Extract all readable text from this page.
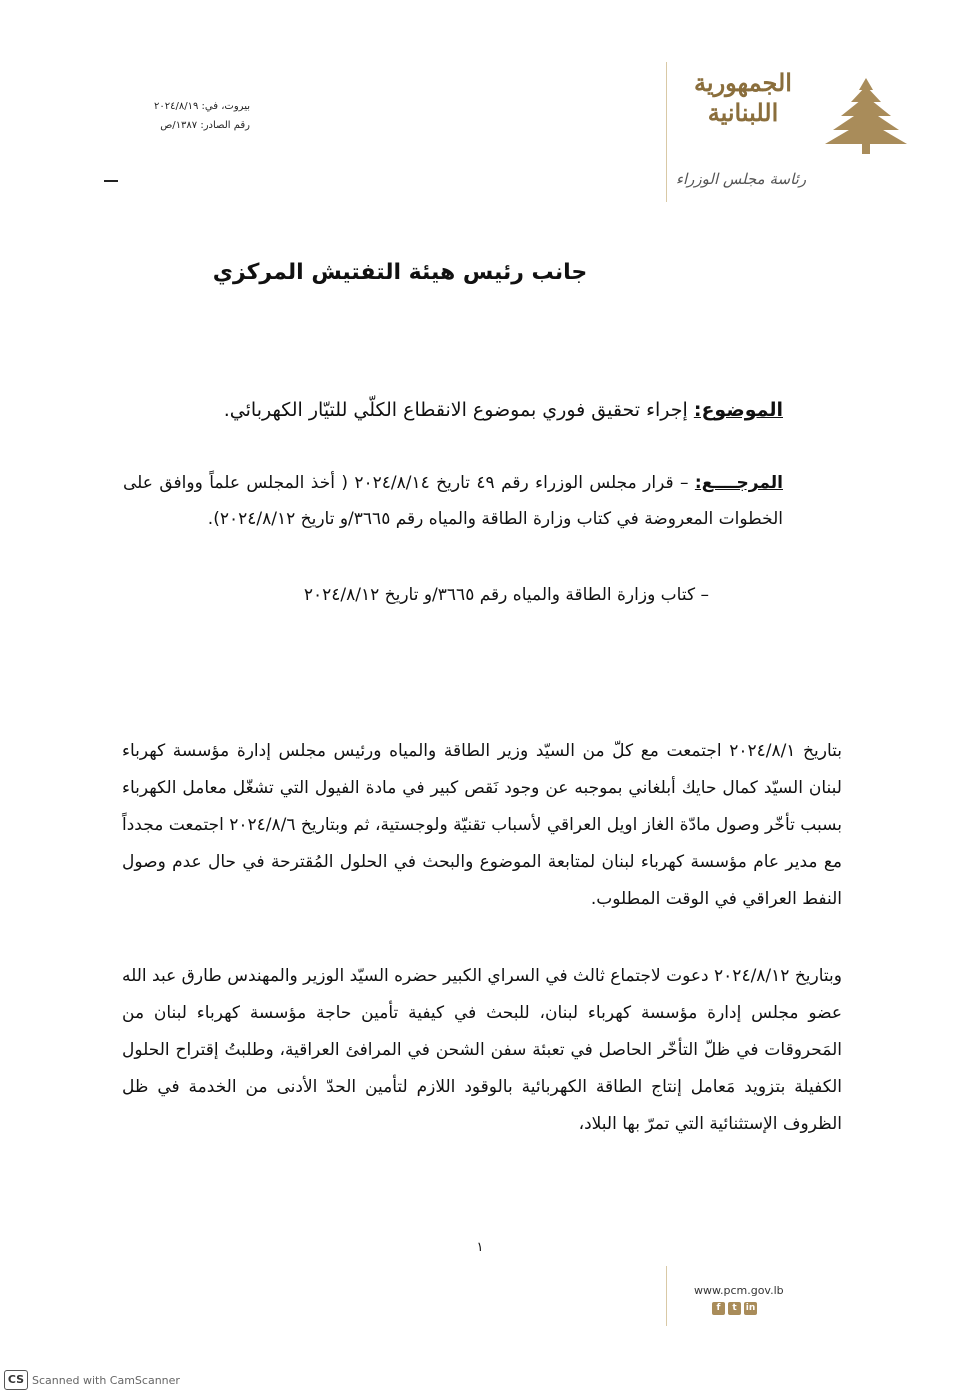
الجمهورية
اللبنانية
رئاسة مجلس الوزراء
بيروت، في: ٢٠٢٤/٨/١٩
رقم الصادر: ١٣٨٧/ص
جانب رئيس هيئة التفتيش المركزي
الموضوع: إجراء تحقيق فوري بموضوع الانقطاع الكلّي للتيّار الكهربائي.
المرجــــع: – قرار مجلس الوزراء رقم ٤٩ تاريخ ٢٠٢٤/٨/١٤ ( أخذ المجلس علماً ووافق على الخطوات المعروضة في كتاب وزارة الطاقة والمياه رقم ٣٦٦٥/و تاريخ ٢٠٢٤/٨/١٢).
– كتاب وزارة الطاقة والمياه رقم ٣٦٦٥/و تاريخ ٢٠٢٤/٨/١٢
بتاريخ ٢٠٢٤/٨/١ اجتمعت مع كلّ من السيّد وزير الطاقة والمياه ورئيس مجلس إدارة مؤسسة كهرباء لبنان السيّد كمال حايك أبلغاني بموجبه عن وجود نَقص كبير في مادة الفيول التي تشغّل معامل الكهرباء بسبب تأخّر وصول مادّة الغاز اويل العراقي لأسباب تقنيّة ولوجستية، ثم وبتاريخ ٢٠٢٤/٨/٦ اجتمعت مجدداً مع مدير عام مؤسسة كهرباء لبنان لمتابعة الموضوع والبحث في الحلول المُقترحة في حال عدم وصول النفط العراقي في الوقت المطلوب.
وبتاريخ ٢٠٢٤/٨/١٢ دعوت لاجتماع ثالث في السراي الكبير حضره السيّد الوزير والمهندس طارق عبد الله عضو مجلس إدارة مؤسسة كهرباء لبنان، للبحث في كيفية تأمين حاجة مؤسسة كهرباء لبنان من المَحروقات في ظلّ التأخّر الحاصل في تعبئة سفن الشحن في المرافئ العراقية، وطلبتُ إقتراح الحلول الكفيلة بتزويد مَعامل إنتاج الطاقة الكهربائية بالوقود اللازم لتأمين الحدّ الأدنى من الخدمة في ظل الظروف الإستثنائية التي تمرّ بها البلاد،
١
www.pcm.gov.lb
f	t	in
CS Scanned with CamScanner
